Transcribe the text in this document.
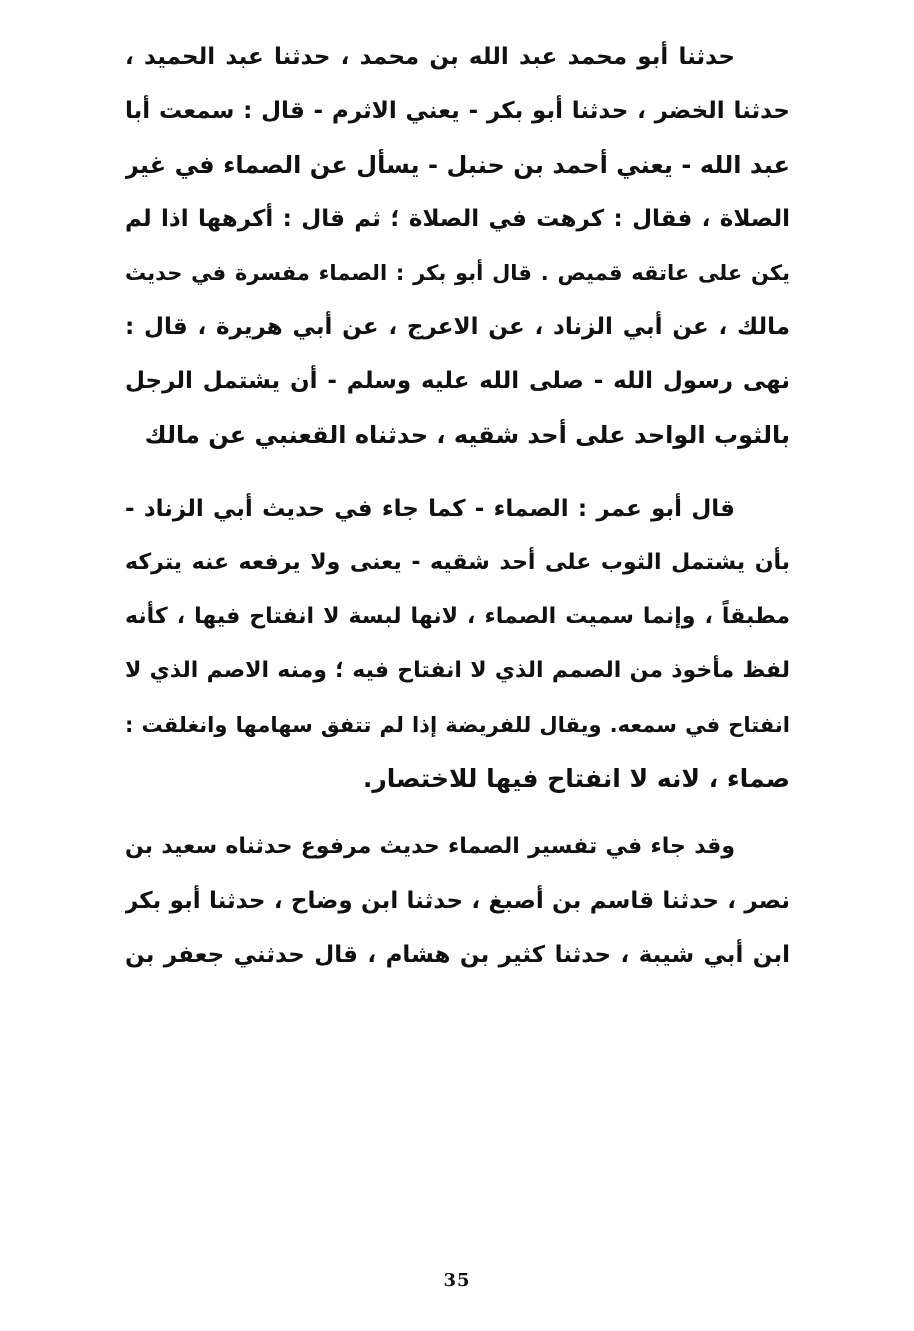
حدثنا أبو محمد عبد الله بن محمد ، حدثنا عبد الحميد ،
حدثنا الخضر ، حدثنا أبو بكر - يعني الاثرم - قال : سمعت أبا
عبد الله - يعني أحمد بن حنبل - يسأل عن الصماء في غير
الصلاة ، فقال : كرهت في الصلاة ؛ ثم قال : أكرهها اذا لم
يكن على عاتقه قميص . قال أبو بكر : الصماء مفسرة في حديث
مالك ، عن أبي الزناد ، عن الاعرج ، عن أبي هريرة ، قال :
نهى رسول الله - صلى الله عليه وسلم - أن يشتمل الرجل
بالثوب الواحد على أحد شقيه ، حدثناه القعنبي عن مالك
قال أبو عمر : الصماء - كما جاء في حديث أبي الزناد -
بأن يشتمل الثوب على أحد شقيه - يعنى ولا يرفعه عنه يتركه
مطبقاً ، وإنما سميت الصماء ، لانها لبسة لا انفتاح فيها ، كأنه
لفظ مأخوذ من الصمم الذي لا انفتاح فيه ؛ ومنه الاصم الذي لا
انفتاح في سمعه. ويقال للفريضة إذا لم تتفق سهامها وانغلقت :
صماء ، لانه لا انفتاح فيها للاختصار.
وقد جاء في تفسير الصماء حديث مرفوع حدثناه سعيد بن
نصر ، حدثنا قاسم بن أصبغ ، حدثنا ابن وضاح ، حدثنا أبو بكر
ابن أبي شيبة ، حدثنا كثير بن هشام ، قال حدثني جعفر بن
35
